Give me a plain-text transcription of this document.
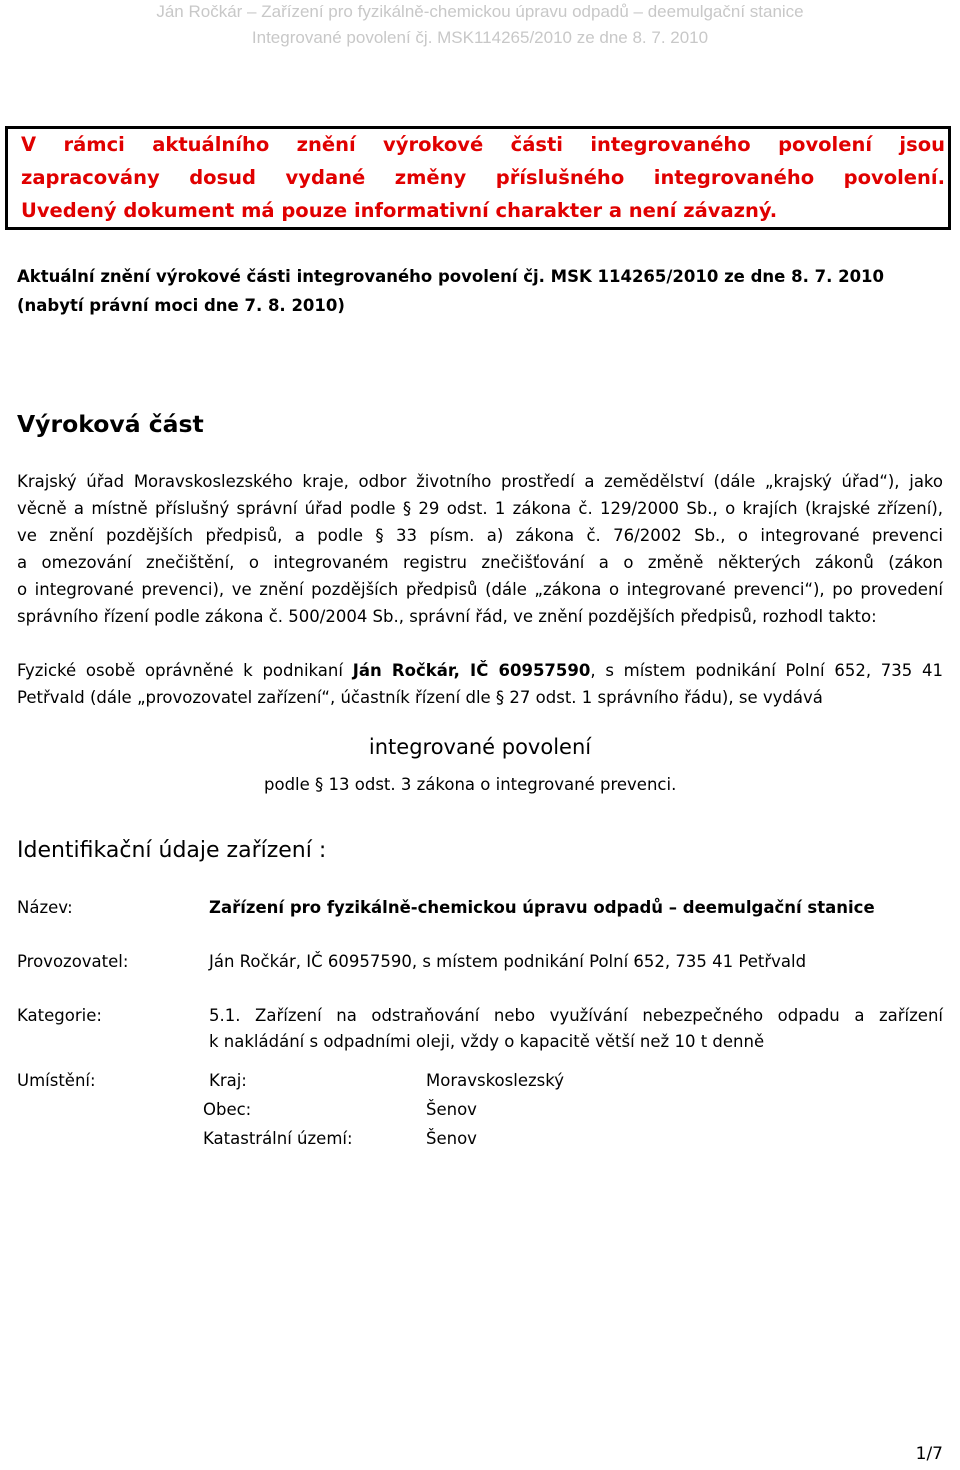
Ján Ročkár – Zařízení pro fyzikálně-chemickou úpravu odpadů – deemulgační stanice
Integrované povolení čj. MSK114265/2010 ze dne 8. 7. 2010
V rámci aktuálního znění výrokové části integrovaného povolení jsou
zapracovány dosud vydané změny příslušného integrovaného povolení.
Uvedený dokument má pouze informativní charakter a není závazný.
Aktuální znění výrokové části integrovaného povolení čj. MSK 114265/2010 ze dne 8. 7. 2010
(nabytí právní moci dne 7. 8. 2010)
Výroková část
Krajský úřad Moravskoslezského kraje, odbor životního prostředí a zemědělství (dále „krajský úřad“), jako
věcně a místně příslušný správní úřad podle § 29 odst. 1 zákona č. 129/2000 Sb., o krajích (krajské zřízení),
ve znění pozdějších předpisů, a podle § 33 písm. a) zákona č. 76/2002 Sb., o integrované prevenci
a omezování znečištění, o integrovaném registru znečišťování a o změně některých zákonů (zákon
o integrované prevenci), ve znění pozdějších předpisů (dále „zákona o integrované prevenci“), po provedení
správního řízení podle zákona č. 500/2004 Sb., správní řád, ve znění pozdějších předpisů, rozhodl takto:
Fyzické osobě oprávněné k podnikaní Ján Ročkár, IČ 60957590, s místem podnikání Polní 652, 735 41
Petřvald (dále „provozovatel zařízení“, účastník řízení dle § 27 odst. 1 správního řádu), se vydává
integrované povolení
podle § 13 odst. 3 zákona o integrované prevenci.
Identifikační údaje zařízení :
Název:	Zařízení pro fyzikálně-chemickou úpravu odpadů – deemulgační stanice
Provozovatel:	Ján Ročkár, IČ 60957590, s místem podnikání Polní 652, 735 41 Petřvald
Kategorie:	5.1. Zařízení na odstraňování nebo využívání nebezpečného odpadu a zařízení
k nakládání s odpadními oleji, vždy o kapacitě větší než 10 t denně
Umístění:	Kraj:	Moravskoslezský
Obec:	Šenov
Katastrální území:	Šenov
1/7
